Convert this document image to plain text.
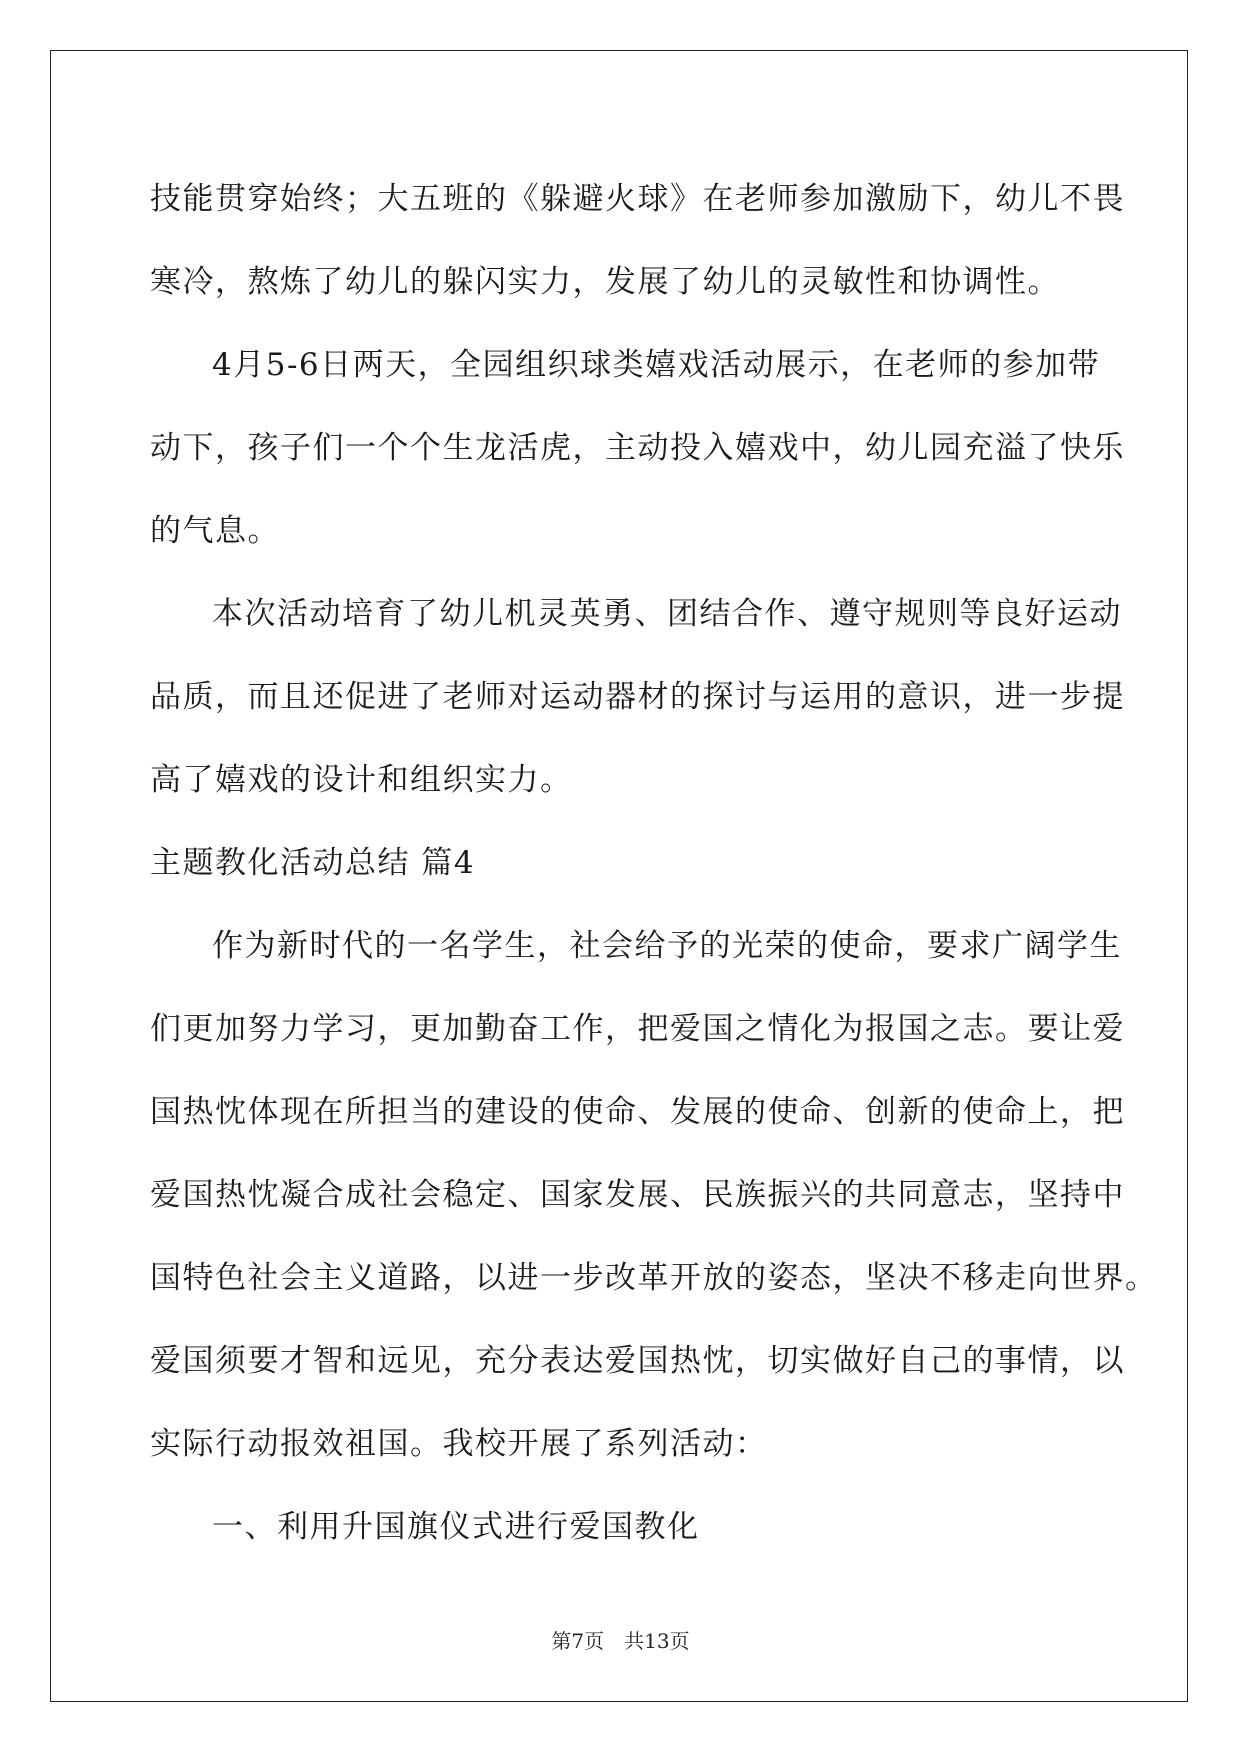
技能贯穿始终；大五班的《躲避火球》在老师参加激励下，幼儿不畏
寒冷，熬炼了幼儿的躲闪实力，发展了幼儿的灵敏性和协调性。
4月5-6日两天，全园组织球类嬉戏活动展示，在老师的参加带
动下，孩子们一个个生龙活虎，主动投入嬉戏中，幼儿园充溢了快乐
的气息。
本次活动培育了幼儿机灵英勇、团结合作、遵守规则等良好运动
品质，而且还促进了老师对运动器材的探讨与运用的意识，进一步提
高了嬉戏的设计和组织实力。
主题教化活动总结 篇4
作为新时代的一名学生，社会给予的光荣的使命，要求广阔学生
们更加努力学习，更加勤奋工作，把爱国之情化为报国之志。要让爱
国热忱体现在所担当的建设的使命、发展的使命、创新的使命上，把
爱国热忱凝合成社会稳定、国家发展、民族振兴的共同意志，坚持中
国特色社会主义道路，以进一步改革开放的姿态，坚决不移走向世界。
爱国须要才智和远见，充分表达爱国热忱，切实做好自己的事情，以
实际行动报效祖国。我校开展了系列活动：
一、利用升国旗仪式进行爱国教化
第7页　共13页
